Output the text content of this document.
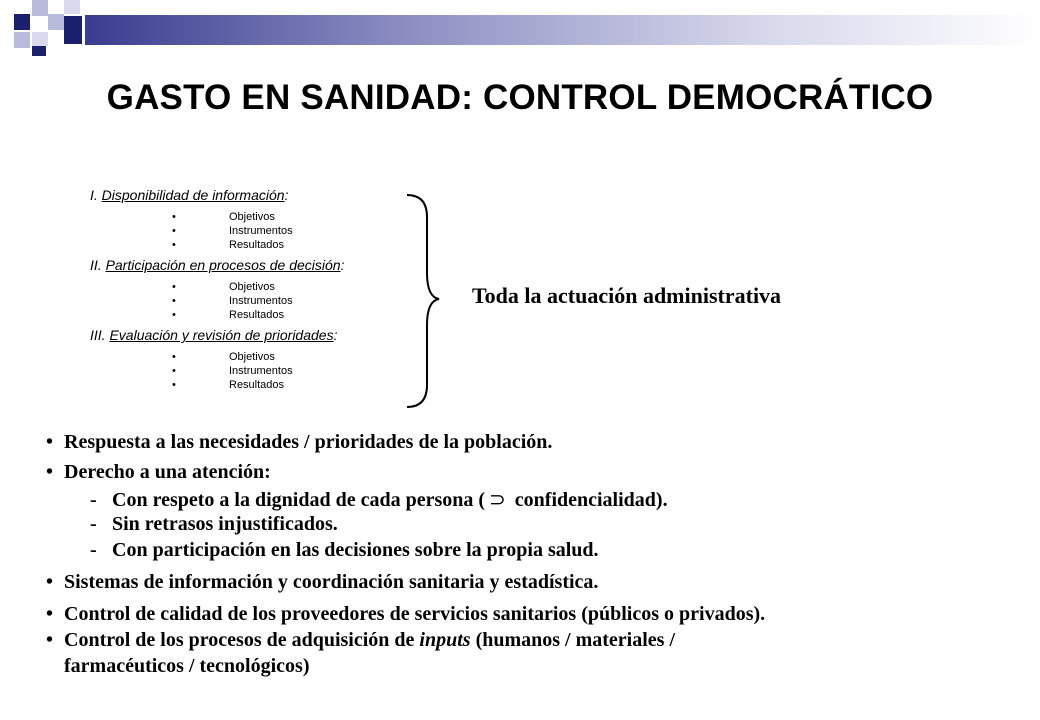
GASTO EN SANIDAD: CONTROL DEMOCRÁTICO
I. Disponibilidad de información:
•	Objetivos
•	Instrumentos
•	Resultados
II. Participación en procesos de decisión:
•	Objetivos
•	Instrumentos
•	Resultados
III. Evaluación y revisión de prioridades:
•	Objetivos
•	Instrumentos
•	Resultados
Toda la actuación administrativa
• Respuesta a las necesidades / prioridades de la población.
• Derecho a una atención:
- Con respeto a la dignidad de cada persona ( ⊃ confidencialidad).
- Sin retrasos injustificados.
- Con participación en las decisiones sobre la propia salud.
• Sistemas de información y coordinación sanitaria y estadística.
• Control de calidad de los proveedores de servicios sanitarios (públicos o privados).
• Control de los procesos de adquisición de inputs (humanos / materiales /
farmacéuticos / tecnológicos)
